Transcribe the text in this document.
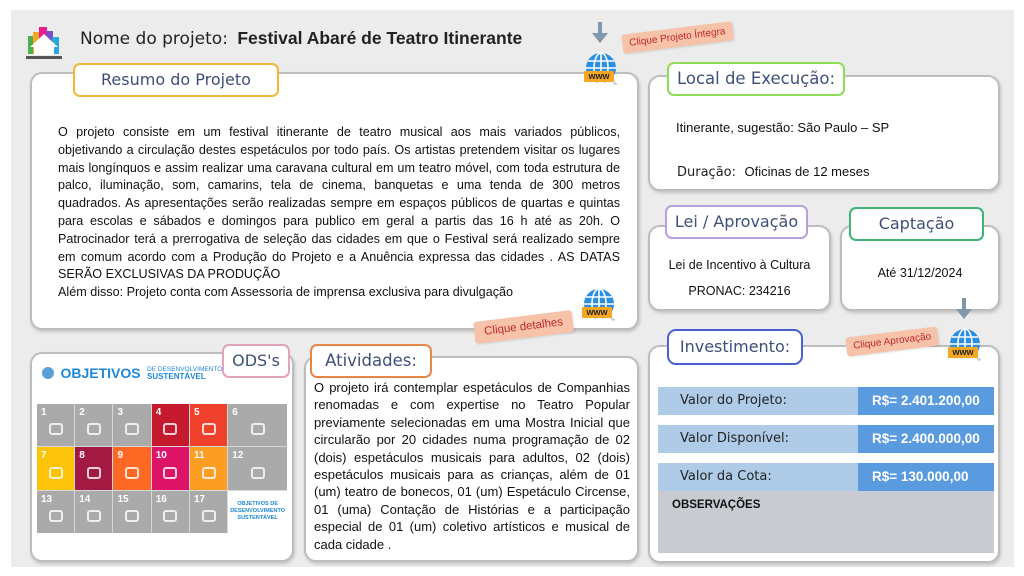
Nome do projeto: Festival Abaré de Teatro Itinerante
www
Clique Projeto Íntegra
O projeto consiste em um festival itinerante de teatro musical aos mais variados públicos, objetivando a circulação destes espetáculos por todo país. Os artistas pretendem visitar os lugares mais longínquos e assim realizar uma caravana cultural em um teatro móvel, com toda estrutura de palco, iluminação, som, camarins, tela de cinema, banquetas e uma tenda de 300 metros quadrados. As apresentações serão realizadas sempre em espaços públicos de quartas e quintas para escolas e sábados e domingos para publico em geral a partis das 16 h até as 20h. O Patrocinador terá a prerrogativa de seleção das cidades em que o Festival será realizado sempre em comum acordo com a Produção do Projeto e a Anuência expressa das cidades . AS DATAS SERÃO EXCLUSIVAS DA PRODUÇÃO
Além disso: Projeto conta com Assessoria de imprensa exclusiva para divulgação
Resumo do Projeto
www
Clique detalhes
Itinerante, sugestão: São Paulo – SP
Duração: Oficinas de 12 meses
Local de Execução:
Lei de Incentivo à Cultura
PRONAC: 234216
Lei / Aprovação
Até 31/12/2024
Captação
Valor do Projeto:	R$= 2.401.200,00
Valor Disponível:	R$= 2.400.000,00
Valor da Cota:	R$= 130.000,00
OBSERVAÇÕES
Investimento:	Clique Aprovação
www
OBJETIVOS DE DESENVOLVIMENTO
SUSTENTÁVEL
1	2	3	4	5	6
7	8	9	10	11	12
13	14	15	16	17	OBJETIVOS DE DESENVOLVIMENTO SUSTENTÁVEL
ODS's
O projeto irá contemplar espetáculos de Companhias renomadas e com expertise no Teatro Popular previamente selecionadas em uma Mostra Inicial que circularão por 20 cidades numa programação de 02 (dois) espetáculos musicais para adultos, 02 (dois) espetáculos musicais para as crianças, além de 01 (um) teatro de bonecos, 01 (um) Espetáculo Circense, 01 (uma) Contação de Histórias e a participação especial de 01 (um) coletivo artísticos e musical de cada cidade .
Atividades:
